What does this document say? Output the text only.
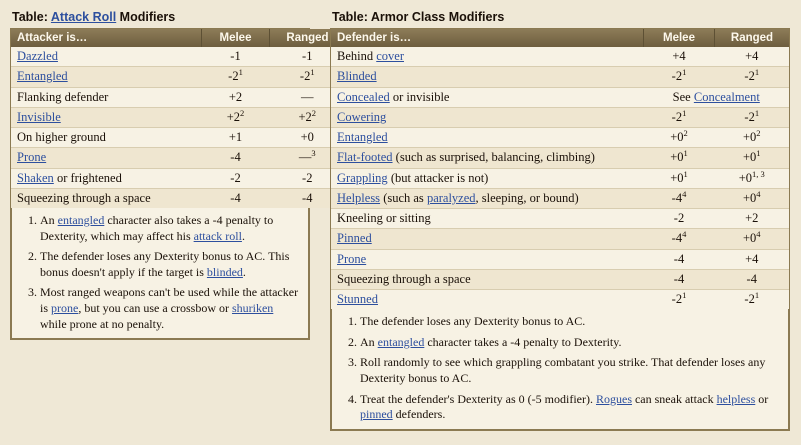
Table: Attack Roll Modifiers
Attacker is…	Melee	Ranged
Dazzled	-1	-1
Entangled	$-2^1$	$-2^1$
Flanking defender	+2	—
Invisible	$+2^2$	$+2^2$
On higher ground	+1	+0
Prone	-4	—$^3$
Shaken or frightened	-2	-2
Squeezing through a space	-4	-4
1. An entangled character also takes a -4 penalty to Dexterity, which may affect his attack roll.
2. The defender loses any Dexterity bonus to AC. This bonus doesn't apply if the target is blinded.
3. Most ranged weapons can't be used while the attacker is prone, but you can use a crossbow or shuriken while prone at no penalty.
Table: Armor Class Modifiers
Defender is…	Melee	Ranged
Behind cover	+4	+4
Blinded	$-2^1$	$-2^1$
Concealed or invisible	See Concealment	
Cowering	$-2^1$	$-2^1$
Entangled	$+0^2$	$+0^2$
Flat-footed (such as surprised, balancing, climbing)	$+0^1$	$+0^1$
Grappling (but attacker is not)	$+0^1$	$+0^{1, 3}$
Helpless (such as paralyzed, sleeping, or bound)	$-4^4$	$+0^4$
Kneeling or sitting	-2	+2
Pinned	$-4^4$	$+0^4$
Prone	-4	+4
Squeezing through a space	-4	-4
Stunned	$-2^1$	$-2^1$
1. The defender loses any Dexterity bonus to AC.
2. An entangled character takes a -4 penalty to Dexterity.
3. Roll randomly to see which grappling combatant you strike. That defender loses any Dexterity bonus to AC.
4. Treat the defender's Dexterity as 0 (-5 modifier). Rogues can sneak attack helpless or pinned defenders.
